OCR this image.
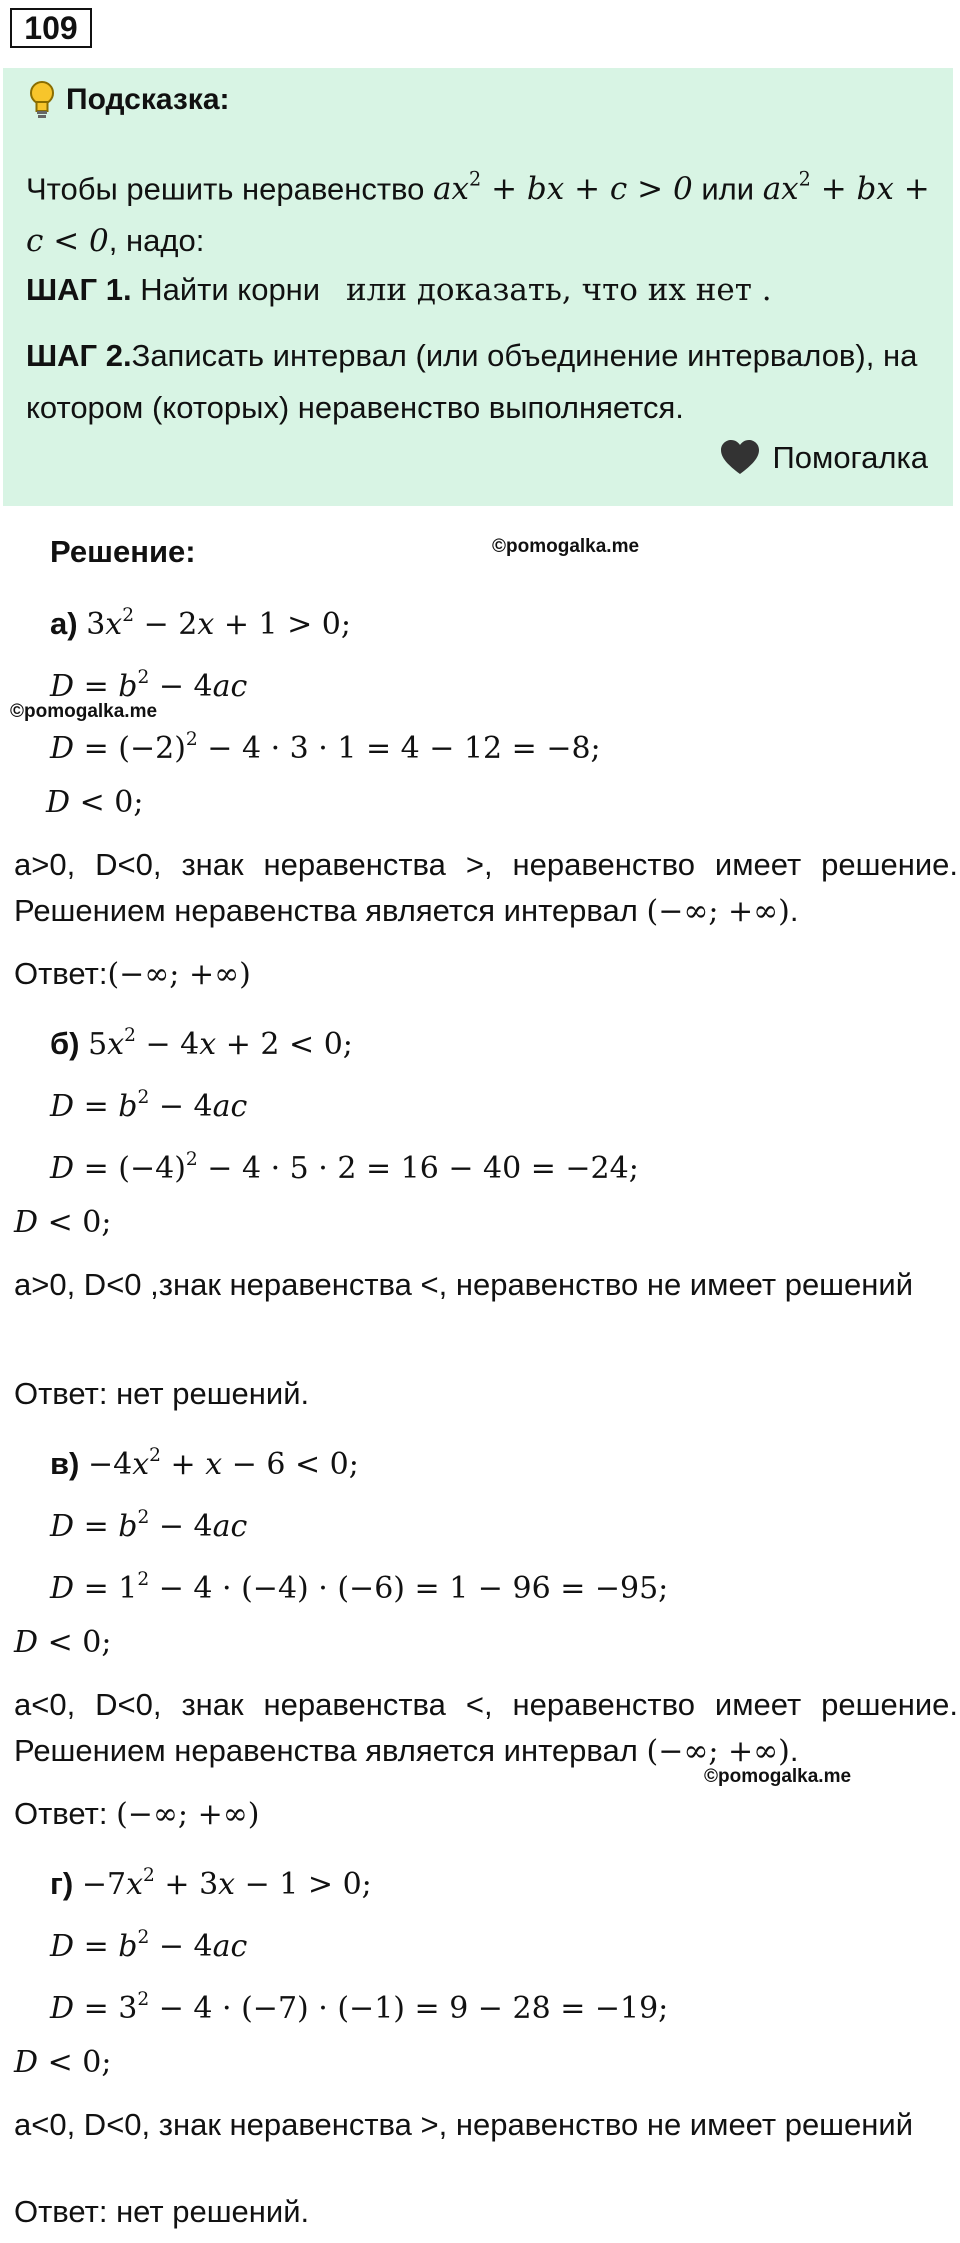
109
Подсказка:
Чтобы решить неравенство $ax^2$ + bx + c > 0 или $ax^2$ + bx + c < 0, надо:
ШАГ 1. Найти корни или доказать, что их нет .
ШАГ 2.Записать интервал (или объединение интервалов), на котором (которых) неравенство выполняется.
Помогалка
Решение:	©pomogalka.me
а) $3x^2 - 2x + 1 > 0$;
$D = b^2 - 4ac$
©pomogalka.me
$D = (-2)^2 - 4 \cdot 3 \cdot 1 = 4 - 12 = -8$;
D < 0;
a>0, D<0, знак неравенства >, неравенство имеет решение. Решением неравенства является интервал (−∞; +∞).
Ответ:(−∞; +∞)
б) $5x^2 - 4x + 2 < 0$;
$D = b^2 - 4ac$
$D = (-4)^2 - 4 \cdot 5 \cdot 2 = 16 - 40 = -24$;
D < 0;
a>0, D<0 ,знак неравенства <, неравенство не имеет решений
Ответ: нет решений.
$в) -4x^2 + x - 6 < 0$;
$D = b^2 - 4ac$
$D = 1^2 - 4 \cdot (-4) \cdot (-6) = 1 - 96 = -95$;
D < 0;
a<0, D<0, знак неравенства <, неравенство имеет решение. Решением неравенства является интервал (−∞; +∞).
©pomogalka.me
Ответ: (−∞; +∞)
$г) -7x^2 + 3x - 1 > 0$;
$D = b^2 - 4ac$
$D = 3^2 - 4 \cdot (-7) \cdot (-1) = 9 - 28 = -19$;
D < 0;
a<0, D<0, знак неравенства >, неравенство не имеет решений
Ответ: нет решений.
